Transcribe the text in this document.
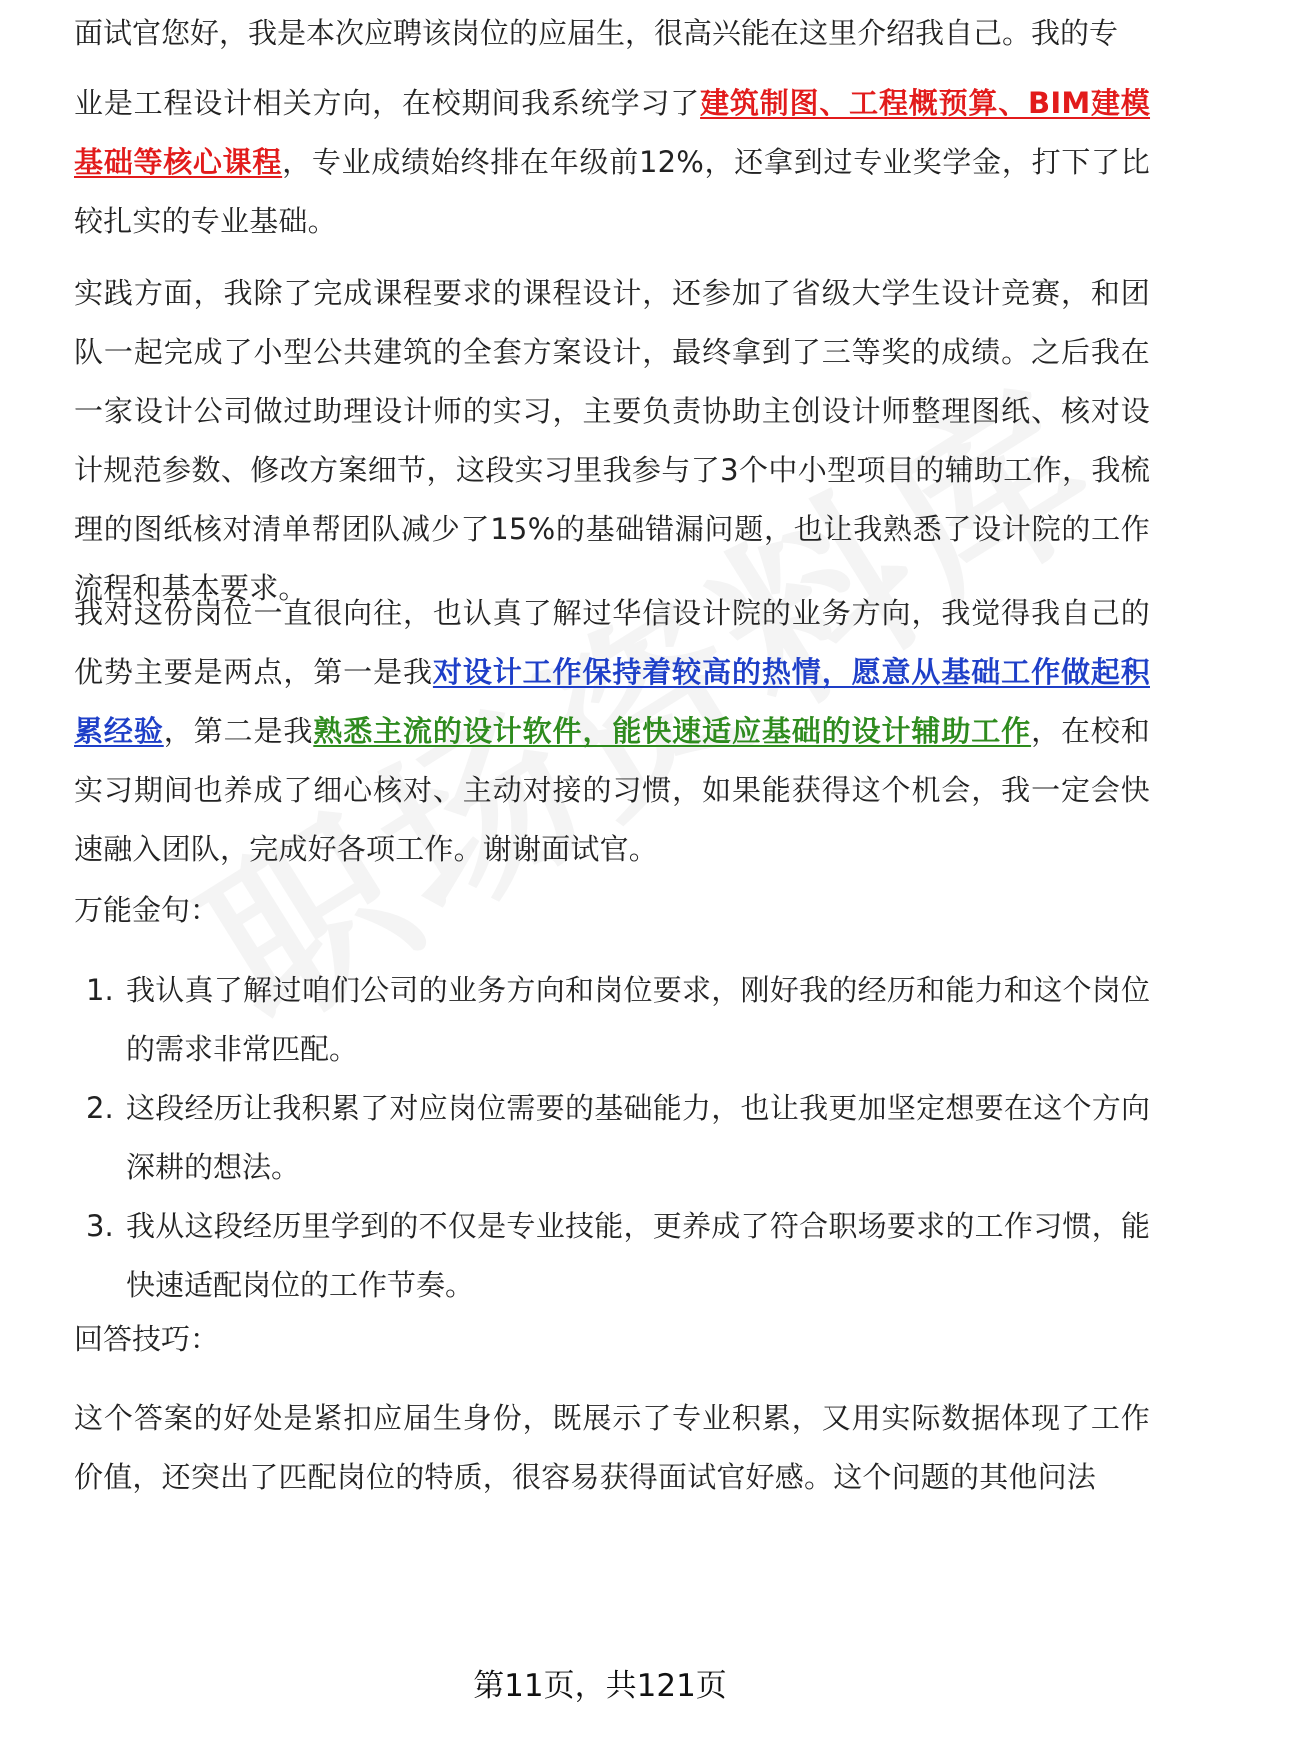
面试官您好，我是本次应聘该岗位的应届生，很高兴能在这里介绍我自己。我的专

业是工程设计相关方向，在校期间我系统学习了建筑制图、工程概预算、BIM建模基础等核心课程，专业成绩始终排在年级前12%，还拿到过专业奖学金，打下了比较扎实的专业基础。

实践方面，我除了完成课程要求的课程设计，还参加了省级大学生设计竞赛，和团队一起完成了小型公共建筑的全套方案设计，最终拿到了三等奖的成绩。之后我在一家设计公司做过助理设计师的实习，主要负责协助主创设计师整理图纸、核对设计规范参数、修改方案细节，这段实习里我参与了3个中小型项目的辅助工作，我梳理的图纸核对清单帮团队减少了15%的基础错漏问题，也让我熟悉了设计院的工作流程和基本要求。

我对这份岗位一直很向往，也认真了解过华信设计院的业务方向，我觉得我自己的优势主要是两点，第一是我对设计工作保持着较高的热情，愿意从基础工作做起积累经验，第二是我熟悉主流的设计软件，能快速适应基础的设计辅助工作，在校和实习期间也养成了细心核对、主动对接的习惯，如果能获得这个机会，我一定会快速融入团队，完成好各项工作。谢谢面试官。

万能金句：

1. 我认真了解过咱们公司的业务方向和岗位要求，刚好我的经历和能力和这个岗位的需求非常匹配。
2. 这段经历让我积累了对应岗位需要的基础能力，也让我更加坚定想要在这个方向深耕的想法。
3. 我从这段经历里学到的不仅是专业技能，更养成了符合职场要求的工作习惯，能快速适配岗位的工作节奏。

回答技巧：

这个答案的好处是紧扣应届生身份，既展示了专业积累，又用实际数据体现了工作价值，还突出了匹配岗位的特质，很容易获得面试官好感。这个问题的其他问法

第11页，共121页
